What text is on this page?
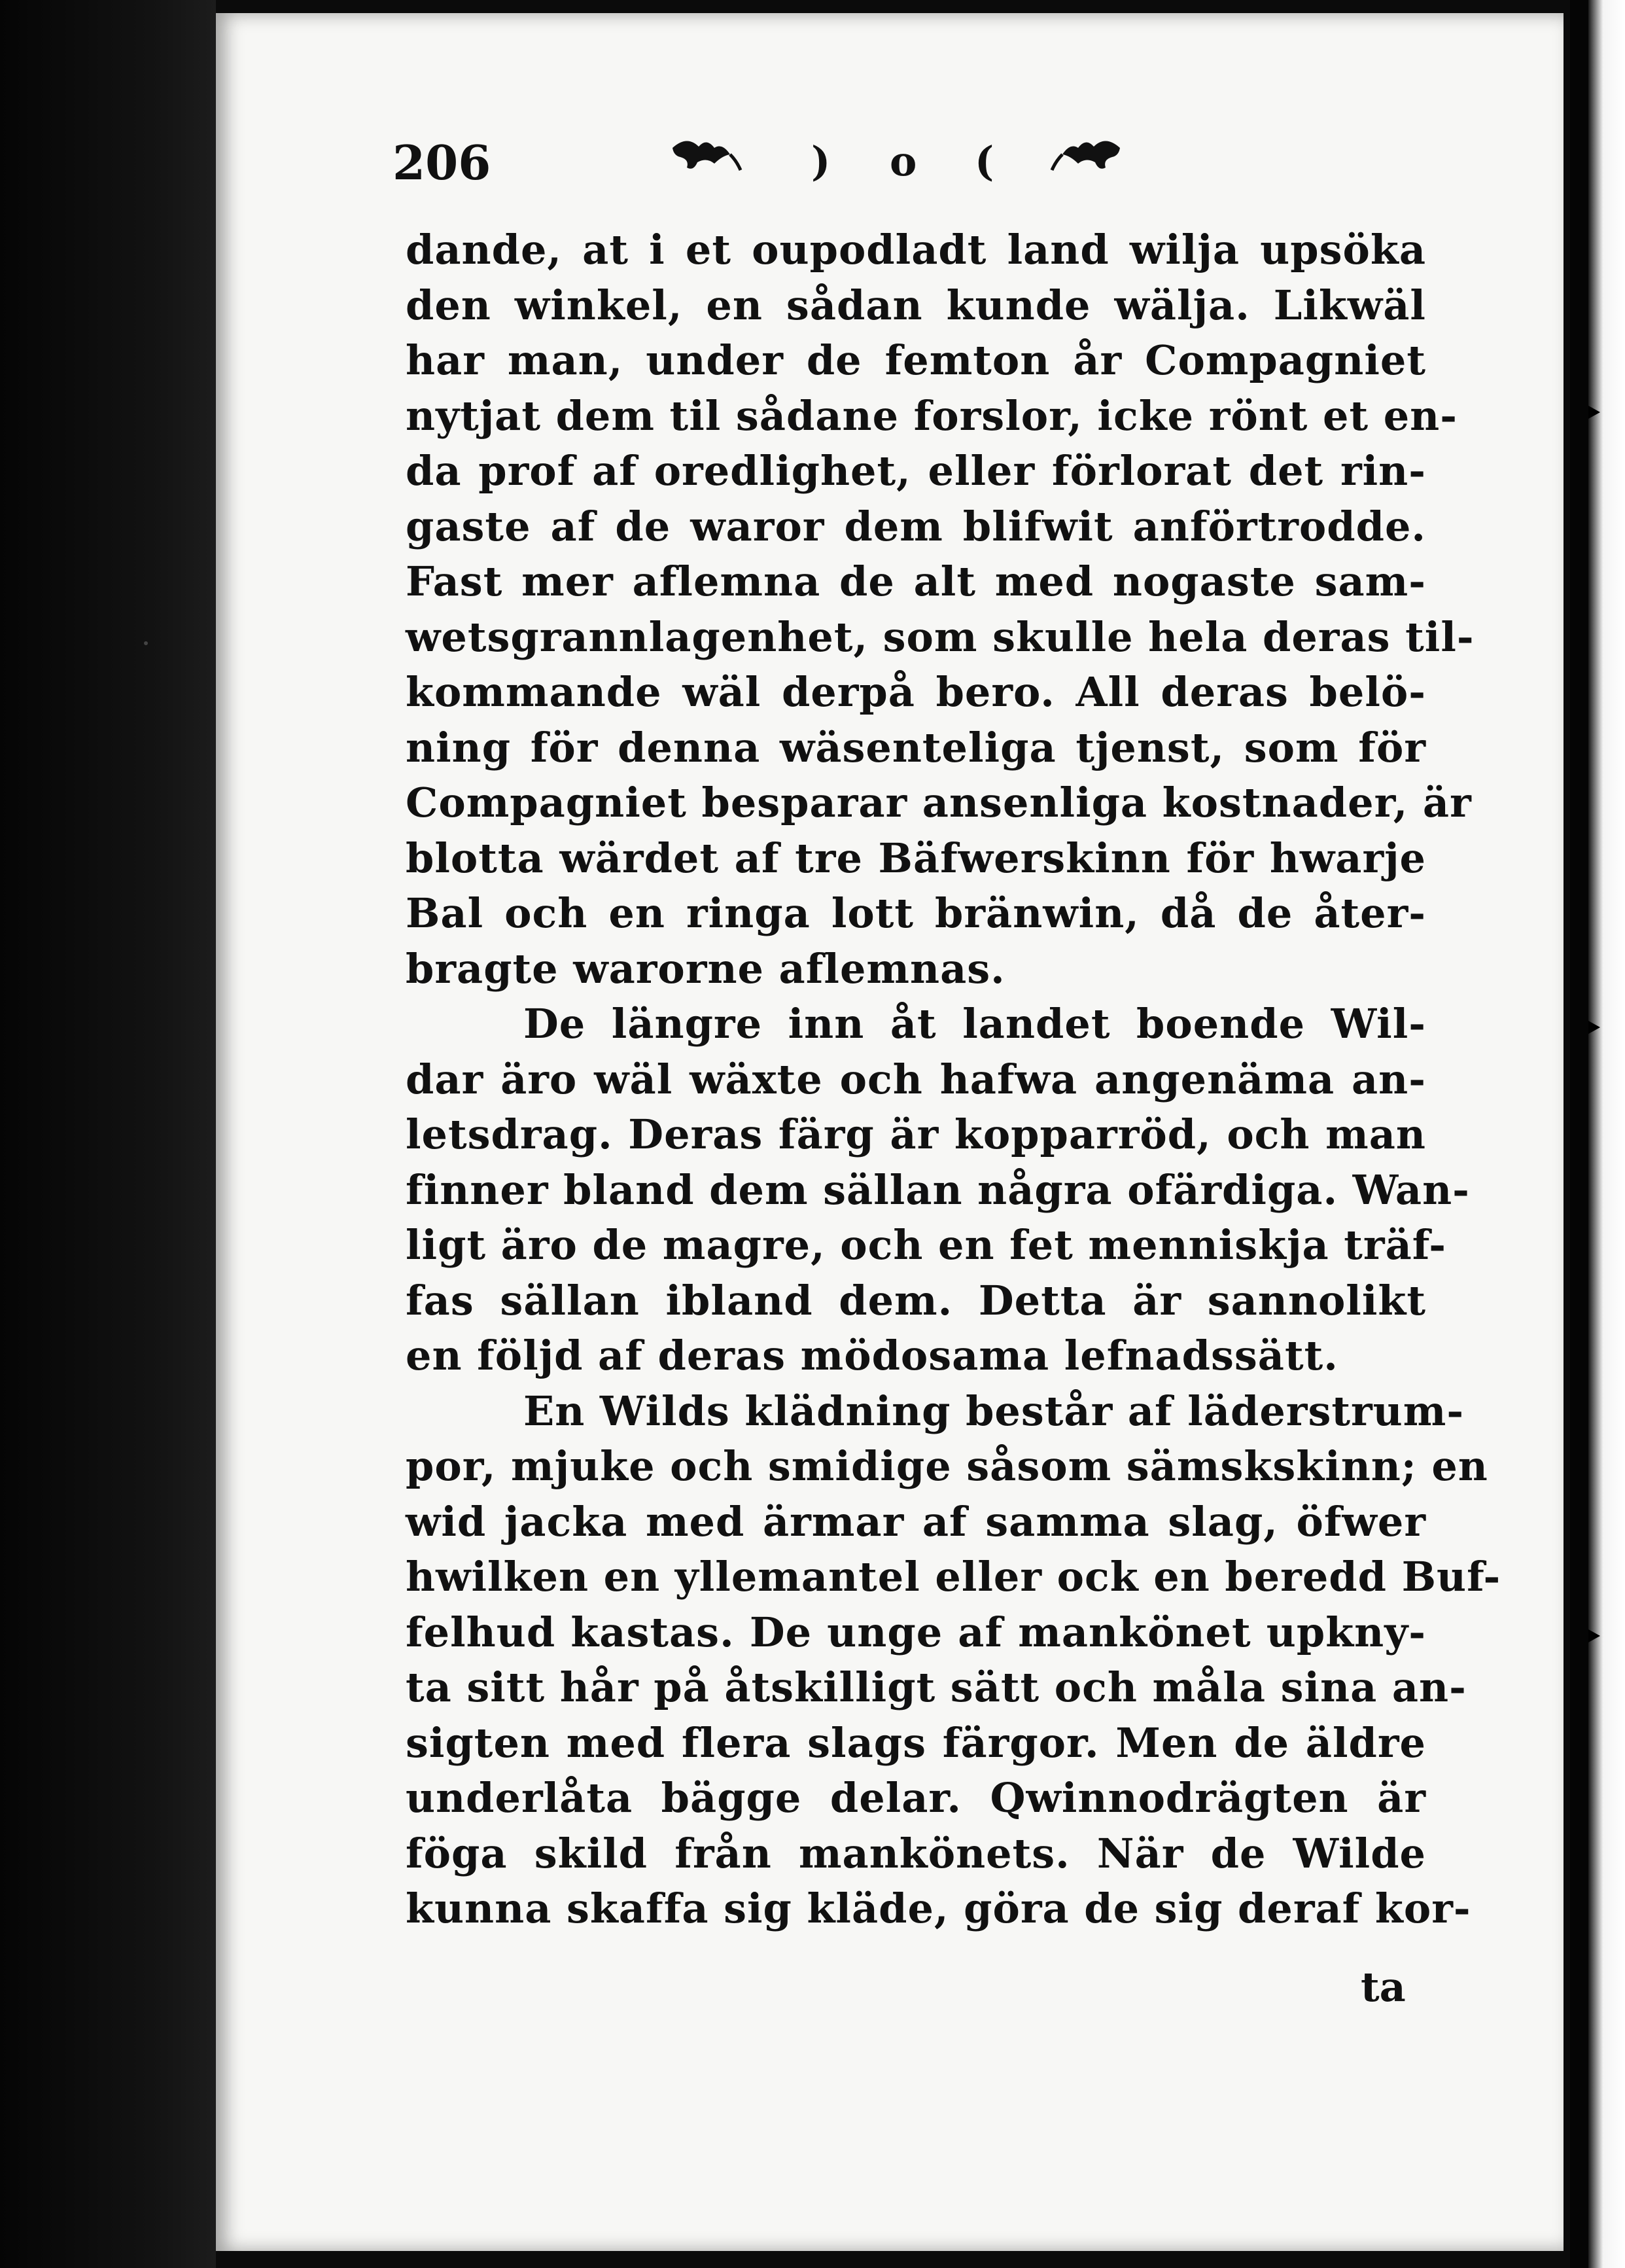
206	) o (
dande, at i et oupodladt land wilja upsöka
den winkel, en sådan kunde wälja. Likwäl
har man, under de femton år Compagniet
nytjat dem til sådane forslor, icke rönt et en-
da prof af oredlighet, eller förlorat det rin-
gaste af de waror dem blifwit anförtrodde.
Fast mer aflemna de alt med nogaste sam-
wetsgrannlagenhet, som skulle hela deras til-
kommande wäl derpå bero. All deras belö-
ning för denna wäsenteliga tjenst, som för
Compagniet besparar ansenliga kostnader, är
blotta wärdet af tre Bäfwerskinn för hwarje
Bal och en ringa lott bränwin, då de åter-
bragte warorne aflemnas.
De längre inn åt landet boende Wil-
dar äro wäl wäxte och hafwa angenäma an-
letsdrag. Deras färg är kopparröd, och man
finner bland dem sällan några ofärdiga. Wan-
ligt äro de magre, och en fet menniskja träf-
fas sällan ibland dem. Detta är sannolikt
en följd af deras mödosama lefnadssätt.
En Wilds klädning består af läderstrum-
por, mjuke och smidige såsom sämskskinn; en
wid jacka med ärmar af samma slag, öfwer
hwilken en yllemantel eller ock en beredd Buf-
felhud kastas. De unge af mankönet upkny-
ta sitt hår på åtskilligt sätt och måla sina an-
sigten med flera slags färgor. Men de äldre
underlåta bägge delar. Qwinnodrägten är
föga skild från mankönets. När de Wilde
kunna skaffa sig kläde, göra de sig deraf kor-
ta
